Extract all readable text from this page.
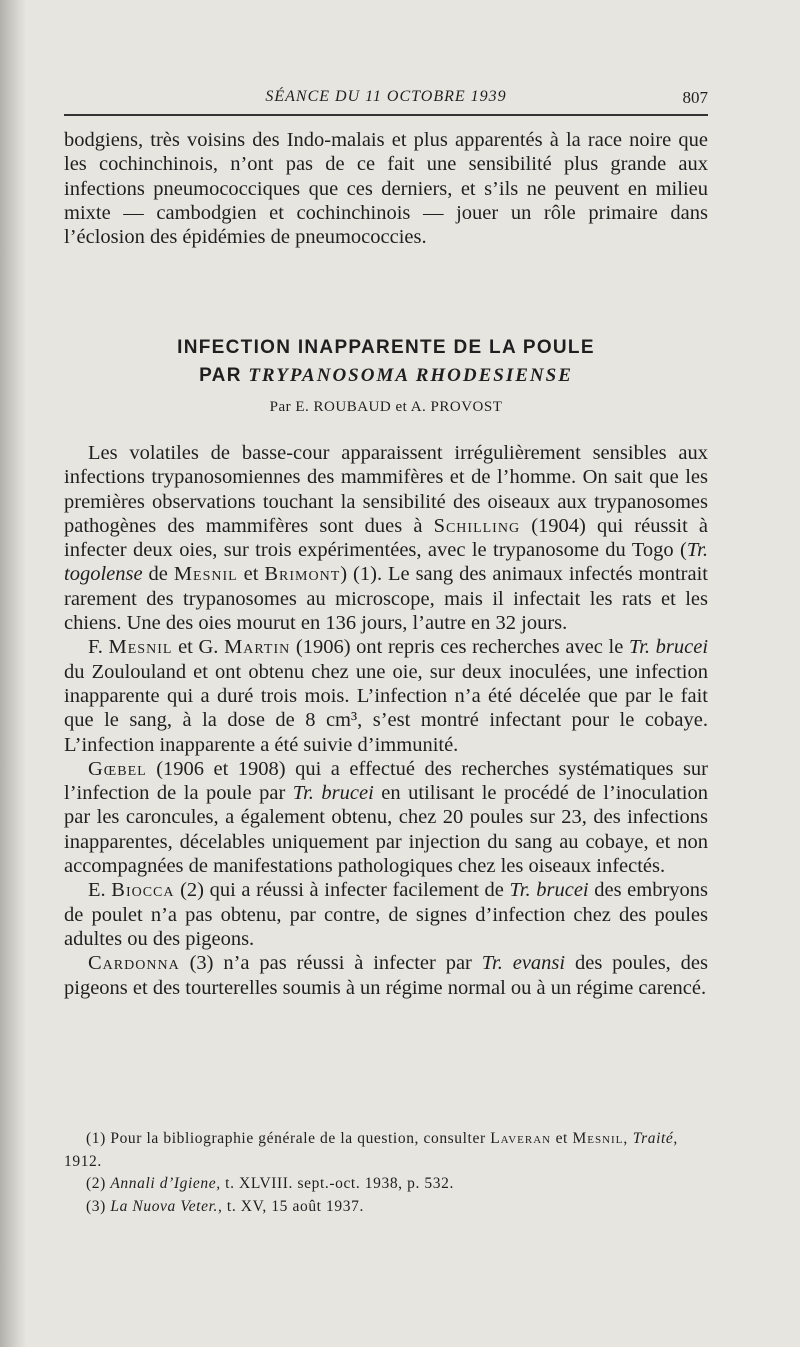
SÉANCE DU 11 OCTOBRE 1939	807

bodgiens, très voisins des Indo-malais et plus apparentés à la race noire que les cochinchinois, n’ont pas de ce fait une sensibilité plus grande aux infections pneumococciques que ces derniers, et s’ils ne peuvent en milieu mixte — cambodgien et cochinchinois — jouer un rôle primaire dans l’éclosion des épidémies de pneumococcies.

INFECTION INAPPARENTE DE LA POULE
PAR TRYPANOSOMA RHODESIENSE
Par E. ROUBAUD et A. PROVOST

Les volatiles de basse-cour apparaissent irrégulièrement sensibles aux infections trypanosomiennes des mammifères et de l’homme. On sait que les premières observations touchant la sensibilité des oiseaux aux trypanosomes pathogènes des mammifères sont dues à Schilling (1904) qui réussit à infecter deux oies, sur trois expérimentées, avec le trypanosome du Togo (Tr. togolense de Mesnil et Brimont) (1). Le sang des animaux infectés montrait rarement des trypanosomes au microscope, mais il infectait les rats et les chiens. Une des oies mourut en 136 jours, l’autre en 32 jours.

F. Mesnil et G. Martin (1906) ont repris ces recherches avec le Tr. brucei du Zoulouland et ont obtenu chez une oie, sur deux inoculées, une infection inapparente qui a duré trois mois. L’infection n’a été décelée que par le fait que le sang, à la dose de 8 cm³, s’est montré infectant pour le cobaye. L’infection inapparente a été suivie d’immunité.

Gœbel (1906 et 1908) qui a effectué des recherches systématiques sur l’infection de la poule par Tr. brucei en utilisant le procédé de l’inoculation par les caroncules, a également obtenu, chez 20 poules sur 23, des infections inapparentes, décelables uniquement par injection du sang au cobaye, et non accompagnées de manifestations pathologiques chez les oiseaux infectés.

E. Biocca (2) qui a réussi à infecter facilement de Tr. brucei des embryons de poulet n’a pas obtenu, par contre, de signes d’infection chez des poules adultes ou des pigeons.

Cardonna (3) n’a pas réussi à infecter par Tr. evansi des poules, des pigeons et des tourterelles soumis à un régime normal ou à un régime carencé.

(1) Pour la bibliographie générale de la question, consulter Laveran et Mesnil, Traité, 1912.

(2) Annali d’Igiene, t. XLVIII. sept.-oct. 1938, p. 532.

(3) La Nuova Veter., t. XV, 15 août 1937.
